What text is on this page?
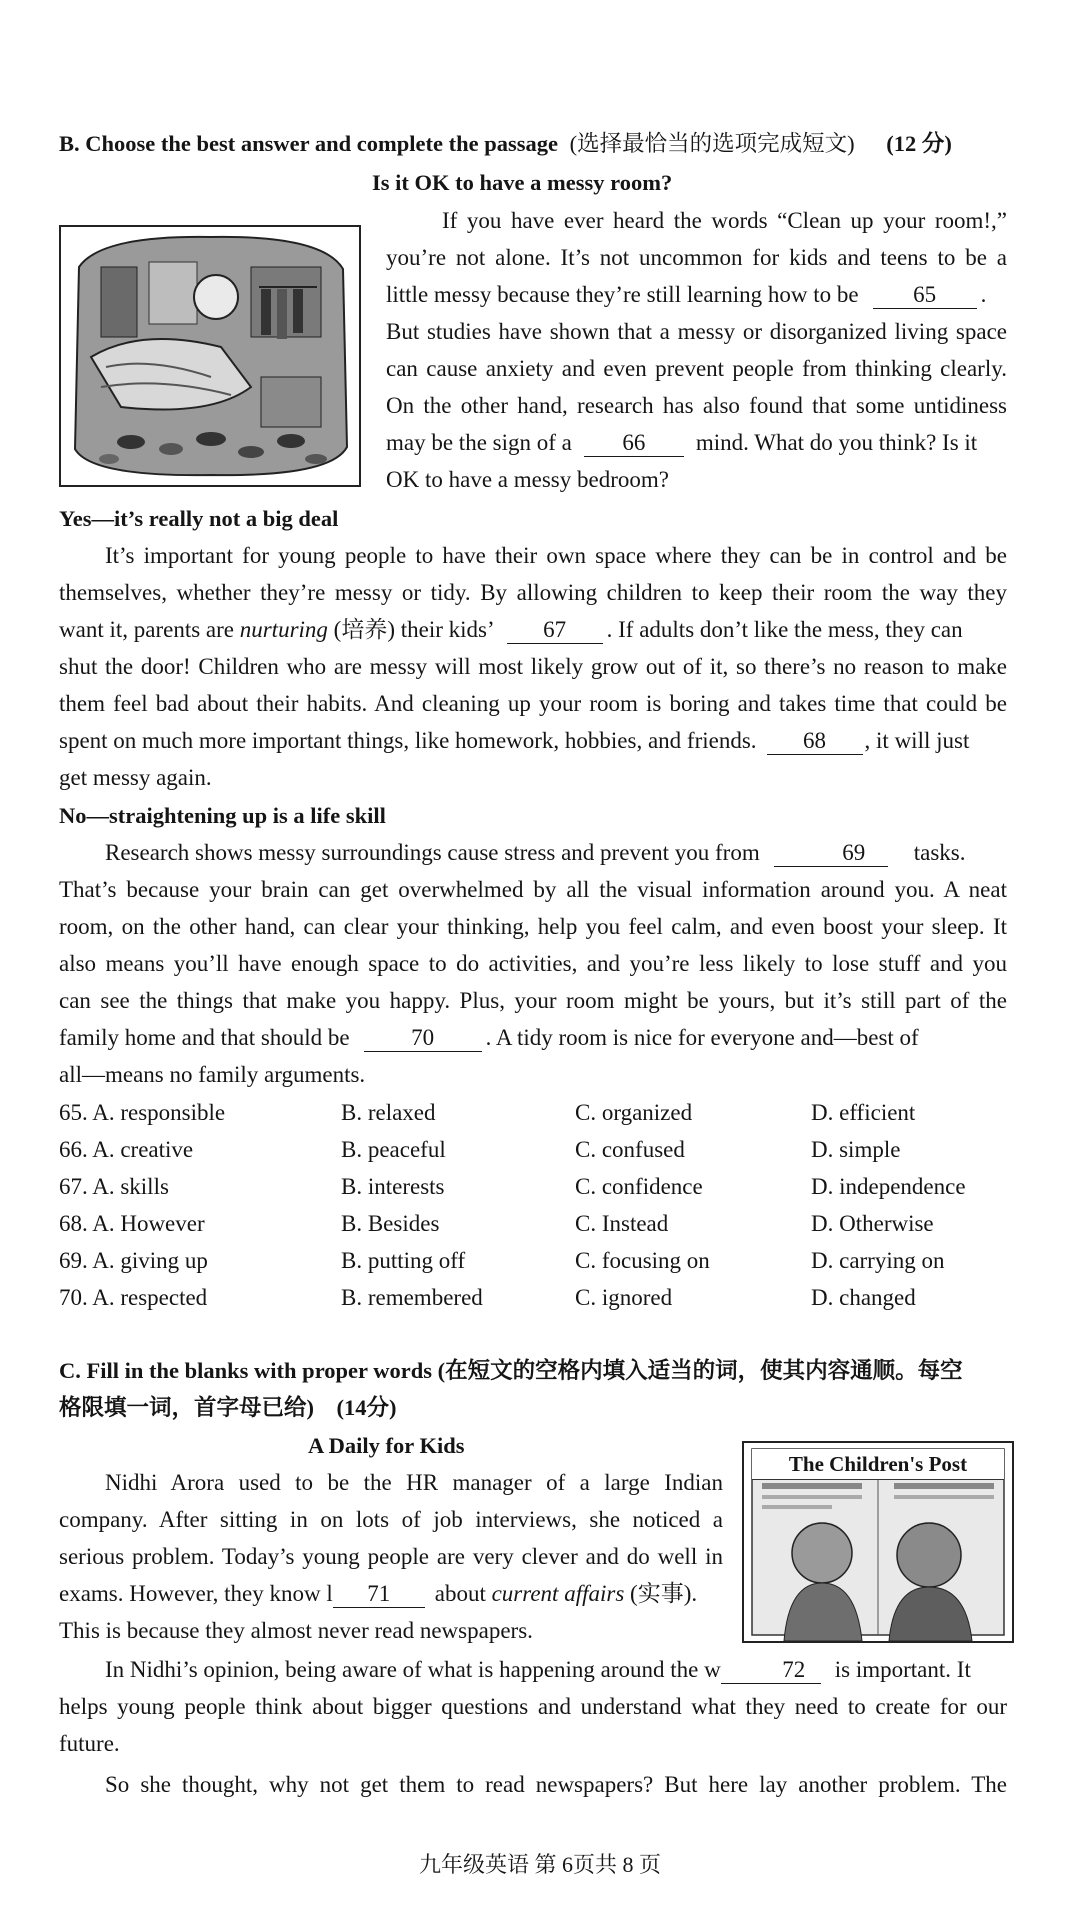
B. Choose the best answer and complete the passage (选择最恰当的选项完成短文) (12 分)
Is it OK to have a messy room?
If you have ever heard the words “Clean up your room!,”
you’re not alone. It’s not uncommon for kids and teens to be a
little messy because they’re still learning how to be 65 .
But studies have shown that a messy or disorganized living space
can cause anxiety and even prevent people from thinking clearly.
On the other hand, research has also found that some untidiness
may be the sign of a 66 mind. What do you think? Is it
OK to have a messy bedroom?
Yes—it’s really not a big deal
It’s important for young people to have their own space where they can be in control and be
themselves, whether they’re messy or tidy. By allowing children to keep their room the way they
want it, parents are nurturing (培养) their kids’ 67 . If adults don’t like the mess, they can
shut the door! Children who are messy will most likely grow out of it, so there’s no reason to make
them feel bad about their habits. And cleaning up your room is boring and takes time that could be
spent on much more important things, like homework, hobbies, and friends. 68 , it will just
get messy again.
No—straightening up is a life skill
Research shows messy surroundings cause stress and prevent you from	69 tasks.
That’s because your brain can get overwhelmed by all the visual information around you. A neat
room, on the other hand, can clear your thinking, help you feel calm, and even boost your sleep. It
also means you’ll have enough space to do activities, and you’re less likely to lose stuff and you
can see the things that make you happy. Plus, your room might be yours, but it’s still part of the
family home and that should be	70 . A tidy room is nice for everyone and—best of
all—means no family arguments.
65. A. responsible	B. relaxed	C. organized	D. efficient
66. A. creative	B. peaceful	C. confused	D. simple
67. A. skills	B. interests	C. confidence	D. independence
68. A. However	B. Besides	C. Instead	D. Otherwise
69. A. giving up	B. putting off	C. focusing on	D. carrying on
70. A. respected	B. remembered	C. ignored	D. changed
C. Fill in the blanks with proper words (在短文的空格内填入适当的词，使其内容通顺。每空
格限填一词，首字母已给)　(14分)
A Daily for Kids
The Children's Post
Nidhi Arora used to be the HR manager of a large Indian
company. After sitting in on lots of job interviews, she noticed a
serious problem. Today’s young people are very clever and do well in
exams. However, they know l 71 about current affairs (实事).
This is because they almost never read newspapers.
In Nidhi’s opinion, being aware of what is happening around the w	72 is important. It
helps young people think about bigger questions and understand what they need to create for our
future.
So she thought, why not get them to read newspapers? But here lay another problem. The
九年级英语 第 6页共 8 页
